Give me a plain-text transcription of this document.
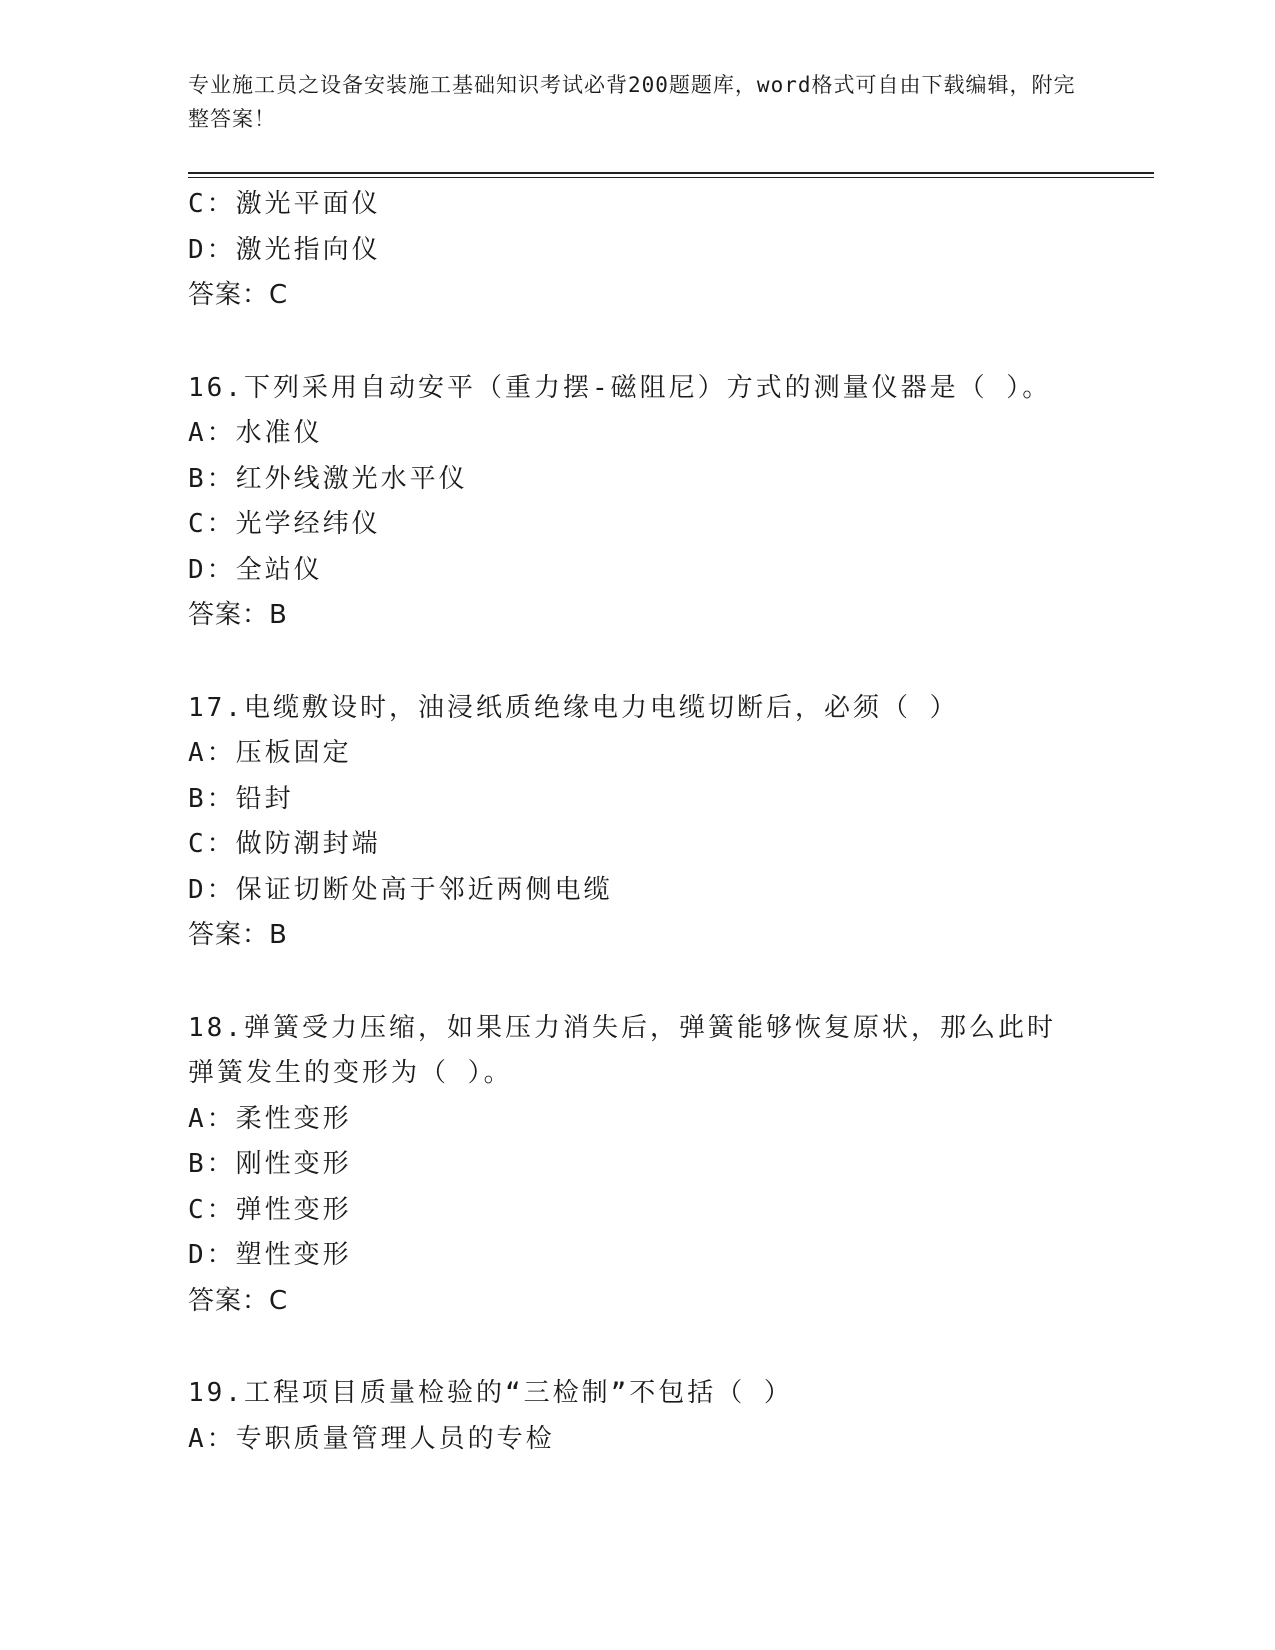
专业施工员之设备安装施工基础知识考试必背200题题库，word格式可自由下载编辑，附完整答案！

C：激光平面仪
D：激光指向仪
答案：C
16.下列采用自动安平（重力摆-磁阻尼）方式的测量仪器是（ ）。
A：水准仪
B：红外线激光水平仪
C：光学经纬仪
D：全站仪
答案：B
17.电缆敷设时，油浸纸质绝缘电力电缆切断后，必须（ ）
A：压板固定
B：铅封
C：做防潮封端
D：保证切断处高于邻近两侧电缆
答案：B
18.弹簧受力压缩，如果压力消失后，弹簧能够恢复原状，那么此时弹簧发生的变形为（ ）。
A：柔性变形
B：刚性变形
C：弹性变形
D：塑性变形
答案：C
19.工程项目质量检验的“三检制”不包括（ ）
A：专职质量管理人员的专检
